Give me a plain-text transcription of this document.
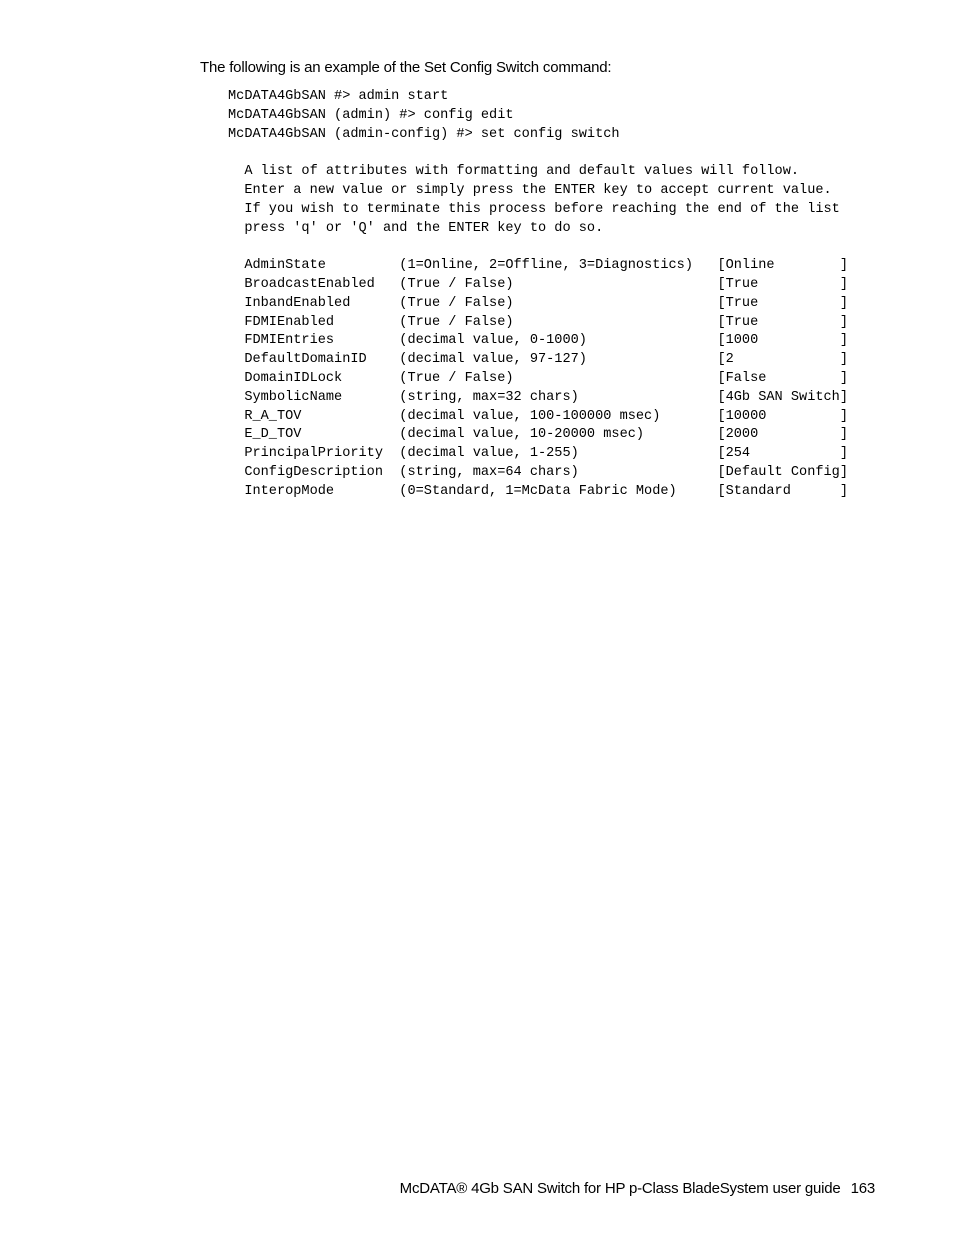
The following is an example of the Set Config Switch command:
McDATA4GbSAN #> admin start
McDATA4GbSAN (admin) #> config edit
McDATA4GbSAN (admin-config) #> set config switch
A list of attributes with formatting and default values will follow.
Enter a new value or simply press the ENTER key to accept current value.
If you wish to terminate this process before reaching the end of the list
press 'q' or 'Q' and the ENTER key to do so.
AdminState         (1=Online, 2=Offline, 3=Diagnostics)   [Online        ]
BroadcastEnabled   (True / False)                         [True          ]
InbandEnabled      (True / False)                         [True          ]
FDMIEnabled        (True / False)                         [True          ]
FDMIEntries        (decimal value, 0-1000)                [1000          ]
DefaultDomainID    (decimal value, 97-127)                [2             ]
DomainIDLock       (True / False)                         [False         ]
SymbolicName       (string, max=32 chars)                 [4Gb SAN Switch]
R_A_TOV            (decimal value, 100-100000 msec)       [10000         ]
E_D_TOV            (decimal value, 10-20000 msec)         [2000          ]
PrincipalPriority  (decimal value, 1-255)                 [254           ]
ConfigDescription  (string, max=64 chars)                 [Default Config]
InteropMode        (0=Standard, 1=McData Fabric Mode)     [Standard      ]
McDATA® 4Gb SAN Switch for HP p-Class BladeSystem user guide 163
